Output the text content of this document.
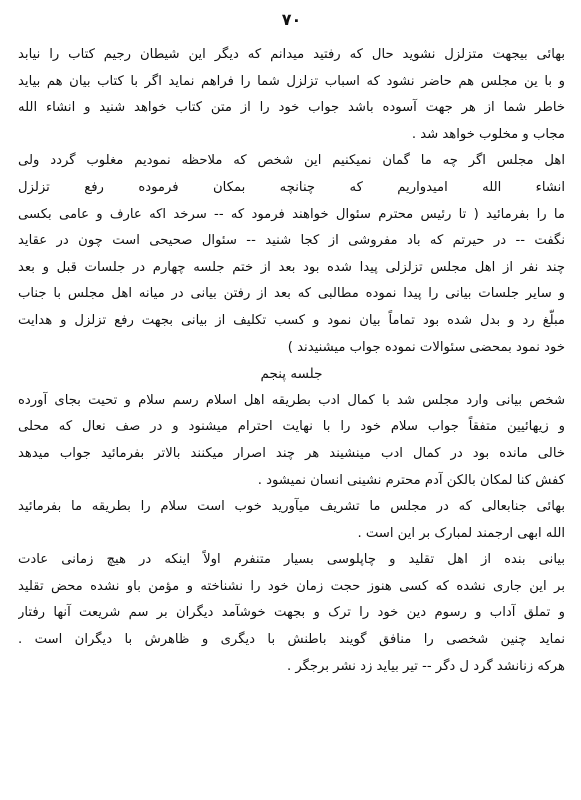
۷۰
بهائی بیجهت متزلزل نشوید حال که رفتید میدانم که دیگر این شیطان رجیم کتاب را نیابد
و با ین مجلس هم حاضر نشود که اسباب تزلزل شما را فراهم نماید اگر با کتاب بیان هم بیاید
خاطر شما از هر جهت آسوده باشد جواب خود را از متن کتاب خواهد شنید و انشاء الله
مجاب و مخلوب خواهد شد .
اهل مجلس اگر چه ما گمان نمیکنیم این شخص که ملاحظه نمودیم مغلوب گردد ولی
انشاء الله امیدواریم که چنانچه بمکان فرموده رفع تزلزل
ما را بفرمائید ( تا رئیس محترم سئوال خواهند فرمود که -- سرخد اکه عارف و عامی بکسی
نگفت -- در حیرتم که باد مفروشی از کجا شنید -- سئوال صحیحی است چون در عقاید
چند نفر از اهل مجلس تزلزلی پیدا شده بود بعد از ختم جلسه چهارم در جلسات قبل و بعد
و سایر جلسات بیانی را پیدا نموده مطالبی که بعد از رفتن بیانی در میانه اهل مجلس با جناب
مبلّغ رد و بدل شده بود تماماً بیان نمود و کسب تکلیف از بیانی بجهت رفع تزلزل و هدایت
خود نمود بمحضی سئوالات نموده جواب میشنیدند )
جلسه پنجم
شخص بیانی وارد مجلس شد با کمال ادب بطریقه اهل اسلام رسم سلام و تحیت بجای آورده
و زیهائیین متفقاً جواب سلام خود را با نهایت احترام میشنود و در صف نعال که محلی
خالی مانده بود در کمال ادب مینشیند هر چند اصرار میکنند بالاتر بفرمائید جواب میدهد
کفش کنا لمکان بالکن آدم محترم نشینی انسان نمیشود .
بهائی جنابعالی که در مجلس ما تشریف میآورید خوب است سلام را بطریقه ما بفرمائید
الله ابهی ارجمند لمبارک بر این است .
بیانی بنده از اهل تقلید و چاپلوسی بسیار متنفرم اولاً اینکه در هیچ زمانی عادت
بر این جاری نشده که کسی هنوز حجت زمان خود را نشناخته و مؤمن باو نشده محض تقلید
و تملق آداب و رسوم دین خود را ترک و بجهت خوشآمد دیگران بر سم شریعت آنها رفتار
نماید چنین شخصی را منافق گویند باطنش با دیگری و ظاهرش با دیگران است .
هرکه زنانشد گرد ل دگر -- تیر بیاید زد نشر برجگر .
